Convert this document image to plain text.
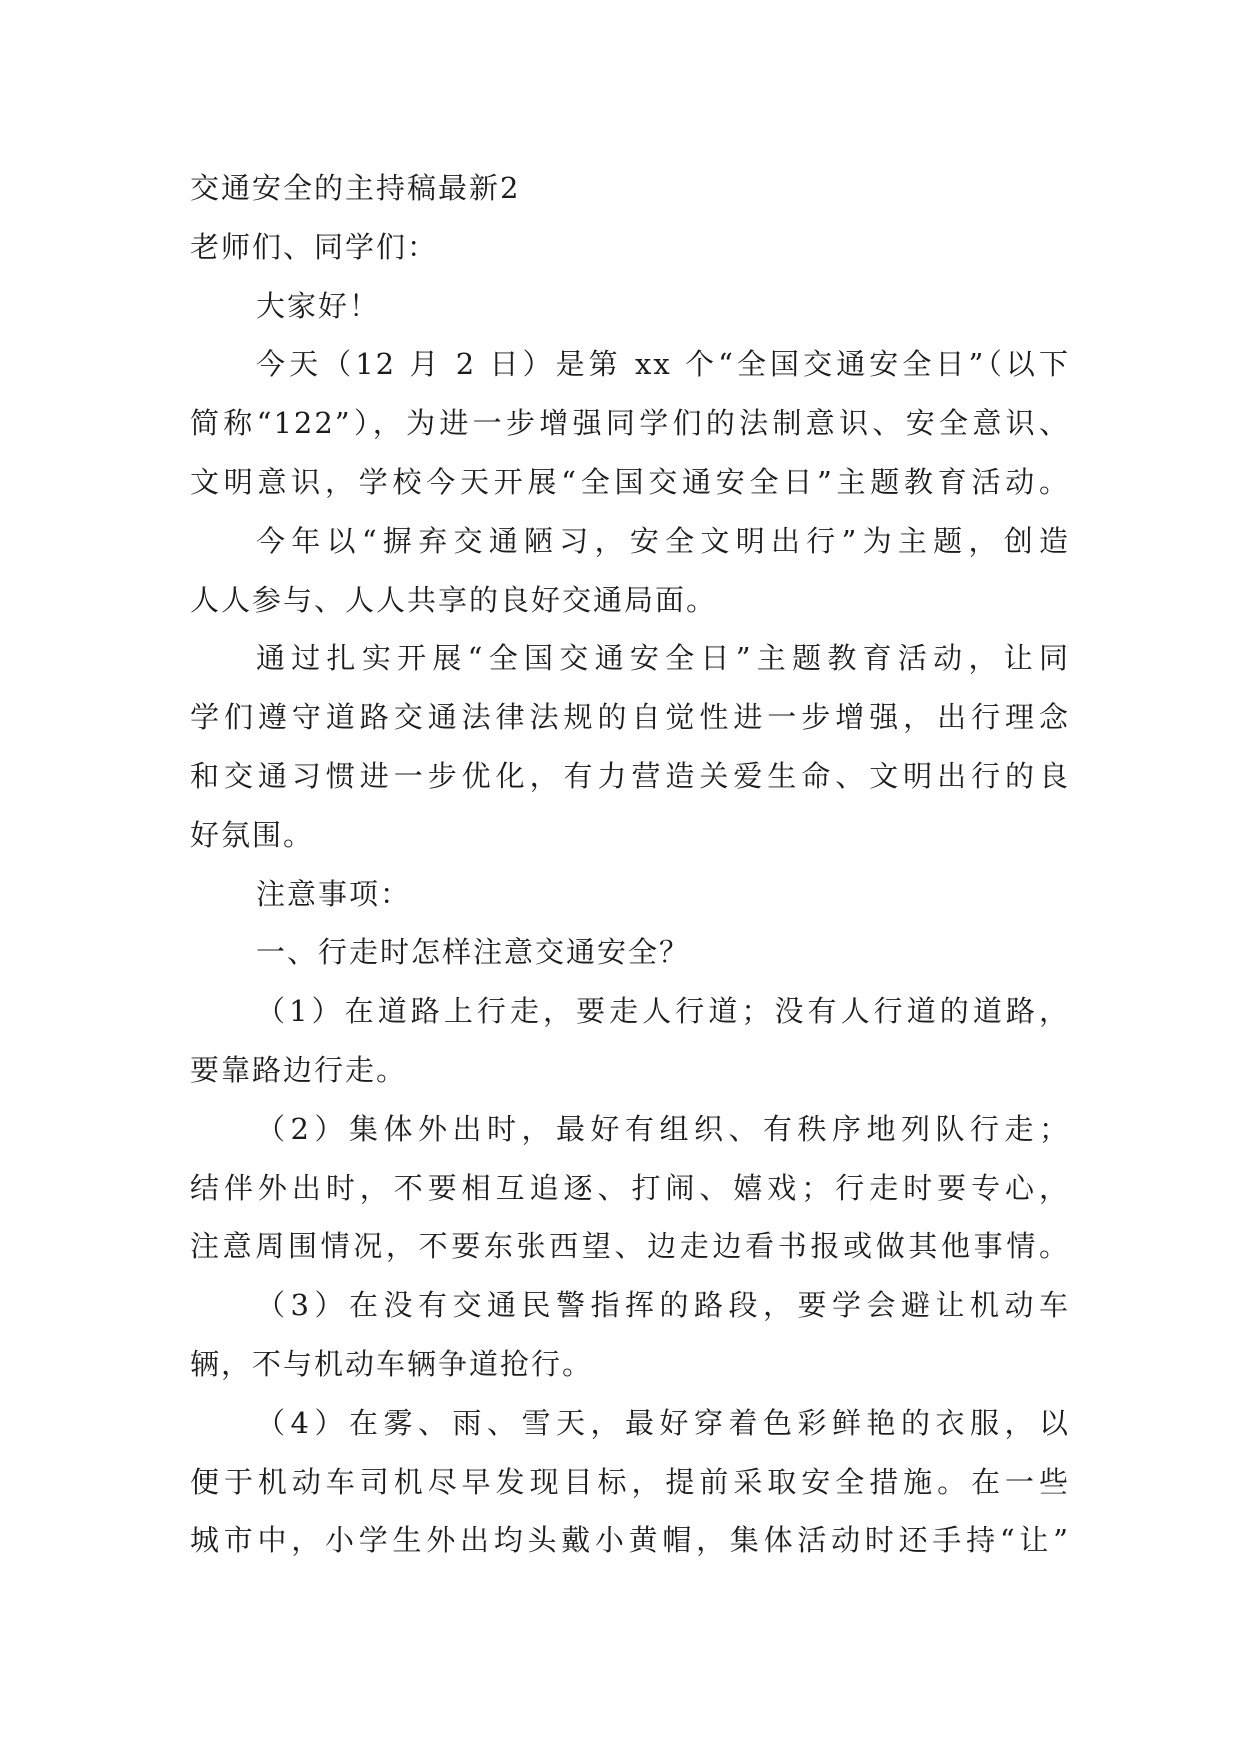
交通安全的主持稿最新2
老师们、同学们：
大家好！
今天（12 月 2 日）是第 xx 个“全国交通安全日”（以下
简称“122”），为进一步增强同学们的法制意识、安全意识、
文明意识，学校今天开展“全国交通安全日”主题教育活动。
今年以“摒弃交通陋习，安全文明出行”为主题，创造
人人参与、人人共享的良好交通局面。
通过扎实开展“全国交通安全日”主题教育活动，让同
学们遵守道路交通法律法规的自觉性进一步增强，出行理念
和交通习惯进一步优化，有力营造关爱生命、文明出行的良
好氛围。
注意事项：
一、行走时怎样注意交通安全？
（1）在道路上行走，要走人行道；没有人行道的道路，
要靠路边行走。
（2）集体外出时，最好有组织、有秩序地列队行走；
结伴外出时，不要相互追逐、打闹、嬉戏；行走时要专心，
注意周围情况，不要东张西望、边走边看书报或做其他事情。
（3）在没有交通民警指挥的路段，要学会避让机动车
辆，不与机动车辆争道抢行。
（4）在雾、雨、雪天，最好穿着色彩鲜艳的衣服，以
便于机动车司机尽早发现目标，提前采取安全措施。在一些
城市中，小学生外出均头戴小黄帽，集体活动时还手持“让”
